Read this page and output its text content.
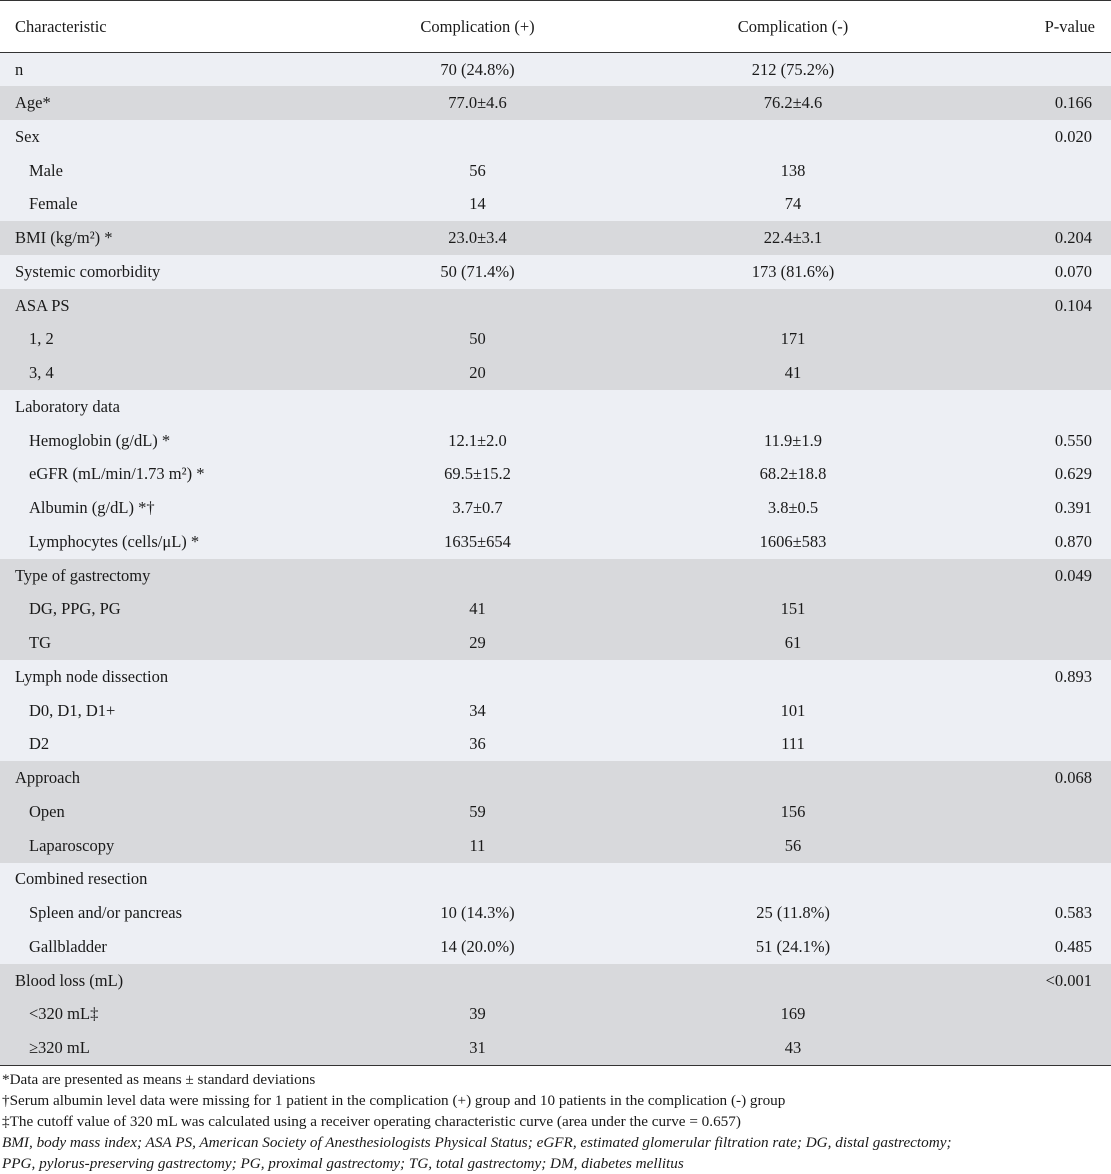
Characteristic	Complication (+)	Complication (-)	P-value
n	70 (24.8%)	212 (75.2%)	
Age*	77.0±4.6	76.2±4.6	0.166
Sex			0.020
Male	56	138	
Female	14	74	
BMI (kg/m²) *	23.0±3.4	22.4±3.1	0.204
Systemic comorbidity	50 (71.4%)	173 (81.6%)	0.070
ASA PS			0.104
1, 2	50	171	
3, 4	20	41	
Laboratory data			
Hemoglobin (g/dL) *	12.1±2.0	11.9±1.9	0.550
eGFR (mL/min/1.73 m²) *	69.5±15.2	68.2±18.8	0.629
Albumin (g/dL) *†	3.7±0.7	3.8±0.5	0.391
Lymphocytes (cells/μL) *	1635±654	1606±583	0.870
Type of gastrectomy			0.049
DG, PPG, PG	41	151	
TG	29	61	
Lymph node dissection			0.893
D0, D1, D1+	34	101	
D2	36	111	
Approach			0.068
Open	59	156	
Laparoscopy	11	56	
Combined resection			
Spleen and/or pancreas	10 (14.3%)	25 (11.8%)	0.583
Gallbladder	14 (20.0%)	51 (24.1%)	0.485
Blood loss (mL)			<0.001
<320 mL‡	39	169	
≥320 mL	31	43	
*Data are presented as means ± standard deviations
†Serum albumin level data were missing for 1 patient in the complication (+) group and 10 patients in the complication (-) group
‡The cutoff value of 320 mL was calculated using a receiver operating characteristic curve (area under the curve = 0.657)
BMI, body mass index; ASA PS, American Society of Anesthesiologists Physical Status; eGFR, estimated glomerular filtration rate; DG, distal gastrectomy;
PPG, pylorus-preserving gastrectomy; PG, proximal gastrectomy; TG, total gastrectomy; DM, diabetes mellitus
